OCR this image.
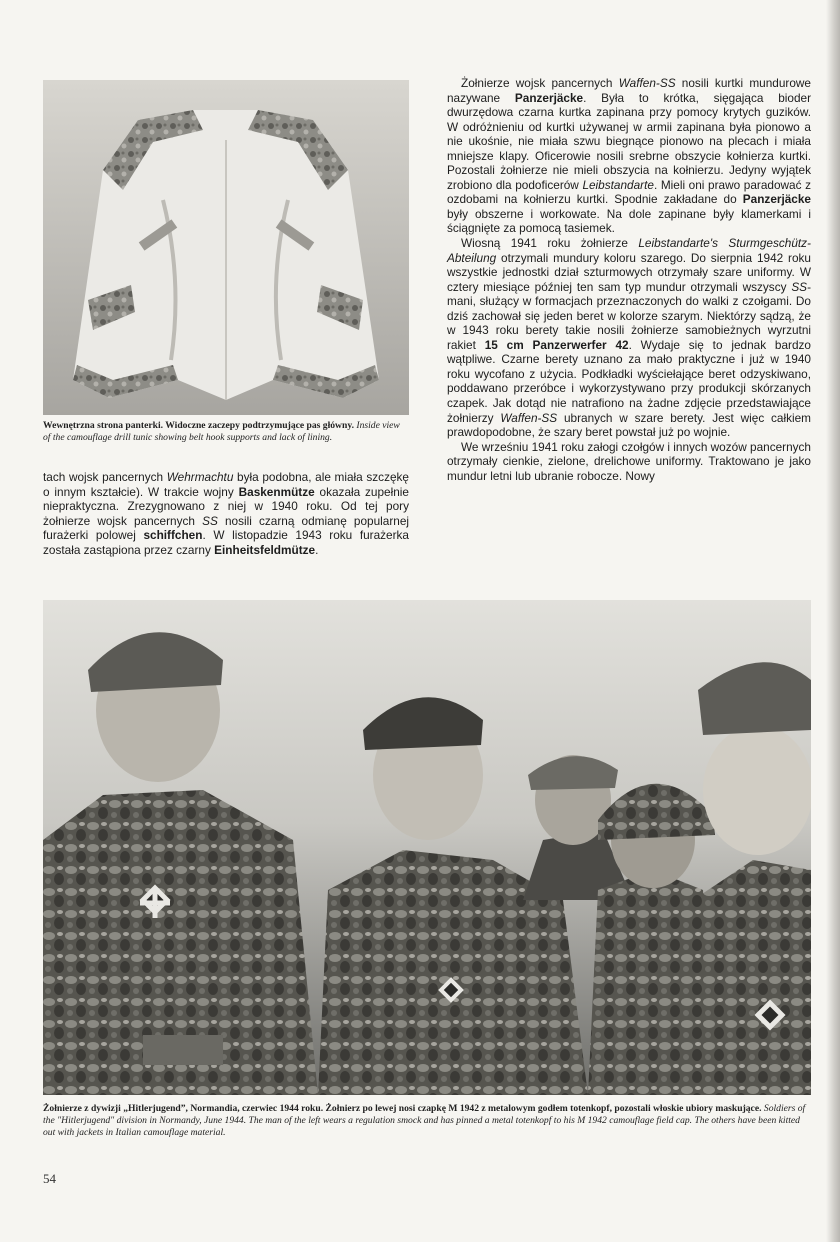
Wewnętrzna strona panterki. Widoczne zaczepy podtrzymujące pas główny. Inside view of the camouflage drill tunic showing belt hook supports and lack of lining.

tach wojsk pancernych Wehrmachtu była podobna, ale miała szczękę o innym kształcie). W trakcie wojny Baskenmütze okazała zupełnie niepraktyczna. Zrezygnowano z niej w 1940 roku. Od tej pory żołnierze wojsk pancernych SS nosili czarną odmianę popularnej furażerki polowej schiffchen. W listopadzie 1943 roku furażerka została zastąpiona przez czarny Einheitsfeldmütze.

Żołnierze wojsk pancernych Waffen-SS nosili kurtki mundurowe nazywane Panzerjäcke. Była to krótka, sięgająca bioder dwurzędowa czarna kurtka zapinana przy pomocy krytych guzików. W odróżnieniu od kurtki używanej w armii zapinana była pionowo a nie ukośnie, nie miała szwu biegnące pionowo na plecach i miała mniejsze klapy. Oficerowie nosili srebrne obszycie kołnierza kurtki. Pozostali żołnierze nie mieli obszycia na kołnierzu. Jedyny wyjątek zrobiono dla podoficerów Leibstandarte. Mieli oni prawo paradować z ozdobami na kołnierzu kurtki. Spodnie zakładane do Panzerjäcke były obszerne i workowate. Na dole zapinane były klamerkami i ściągnięte za pomocą tasiemek.

Wiosną 1941 roku żołnierze Leibstandarte's Sturmgeschütz-Abteilung otrzymali mundury koloru szarego. Do sierpnia 1942 roku wszystkie jednostki dział szturmowych otrzymały szare uniformy. W cztery miesiące później ten sam typ mundur otrzymali wszyscy SS-mani, służący w formacjach przeznaczonych do walki z czołgami. Do dziś zachował się jeden beret w kolorze szarym. Niektórzy sądzą, że w 1943 roku berety takie nosili żołnierze samobieżnych wyrzutni rakiet 15 cm Panzerwerfer 42. Wydaje się to jednak bardzo wątpliwe. Czarne berety uznano za mało praktyczne i już w 1940 roku wycofano z użycia. Podkładki wyściełające beret odzyskiwano, poddawano przeróbce i wykorzystywano przy produkcji skórzanych czapek. Jak dotąd nie natrafiono na żadne zdjęcie przedstawiające żołnierzy Waffen-SS ubranych w szare berety. Jest więc całkiem prawdopodobne, że szary beret powstał już po wojnie.

We wrześniu 1941 roku załogi czołgów i innych wozów pancernych otrzymały cienkie, zielone, drelichowe uniformy. Traktowano je jako mundur letni lub ubranie robocze. Nowy

Żołnierze z dywizji „Hitlerjugend”, Normandia, czerwiec 1944 roku. Żołnierz po lewej nosi czapkę M 1942 z metalowym godłem totenkopf, pozostali włoskie ubiory maskujące. Soldiers of the "Hitlerjugend" division in Normandy, June 1944. The man of the left wears a regulation smock and has pinned a metal totenkopf to his M 1942 camouflage field cap. The others have been kitted out with jackets in Italian camouflage material.
54
